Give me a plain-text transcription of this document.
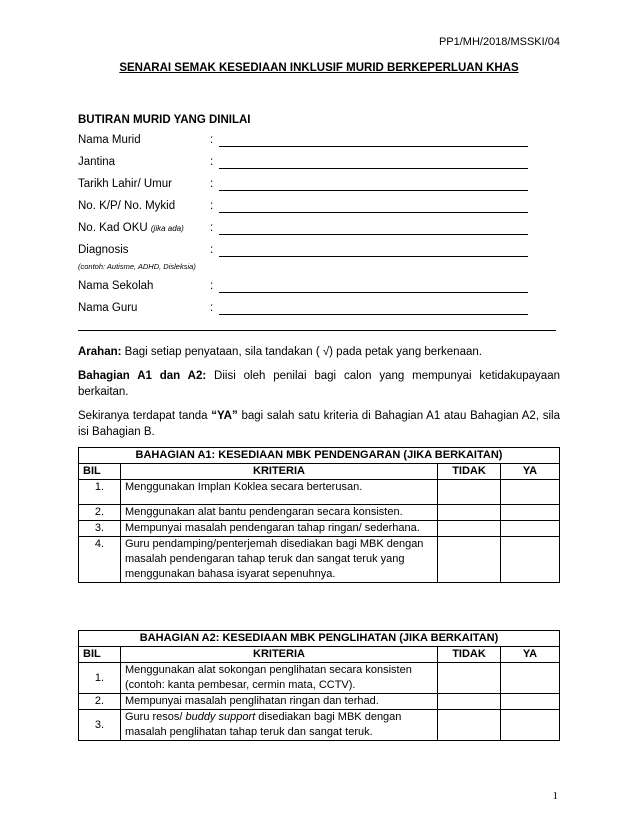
PP1/MH/2018/MSSKI/04
SENARAI SEMAK KESEDIAAN INKLUSIF MURID BERKEPERLUAN KHAS
BUTIRAN MURID YANG DINILAI
Nama Murid	:
Jantina	:
Tarikh Lahir/ Umur	:
No. K/P/ No. Mykid	:
No. Kad OKU (jika ada) :
Diagnosis	:
(contoh: Autisme, ADHD, Disleksia)
Nama Sekolah	:
Nama Guru	:
Arahan: Bagi setiap penyataan, sila tandakan ( √) pada petak yang berkenaan.
Bahagian A1 dan A2: Diisi oleh penilai bagi calon yang mempunyai ketidakupayaan berkaitan.
Sekiranya terdapat tanda “YA” bagi salah satu kriteria di Bahagian A1 atau Bahagian A2, sila isi Bahagian B.
BAHAGIAN A1: KESEDIAAN MBK PENDENGARAN (JIKA BERKAITAN)			
BIL	KRITERIA	TIDAK	YA
1.	Menggunakan Implan Koklea secara berterusan.		
2.	Menggunakan alat bantu pendengaran secara konsisten.		
3.	Mempunyai masalah pendengaran tahap ringan/ sederhana.		
4.	Guru pendamping/penterjemah disediakan bagi MBK dengan masalah pendengaran tahap teruk dan sangat teruk yang menggunakan bahasa isyarat sepenuhnya.		
BAHAGIAN A2: KESEDIAAN MBK PENGLIHATAN (JIKA BERKAITAN)			
BIL	KRITERIA	TIDAK	YA
1.	Menggunakan alat sokongan penglihatan secara konsisten (contoh: kanta pembesar, cermin mata, CCTV).		
2.	Mempunyai masalah penglihatan ringan dan terhad.		
3.	Guru resos/ buddy support disediakan bagi MBK dengan masalah penglihatan tahap teruk dan sangat teruk.		
1
